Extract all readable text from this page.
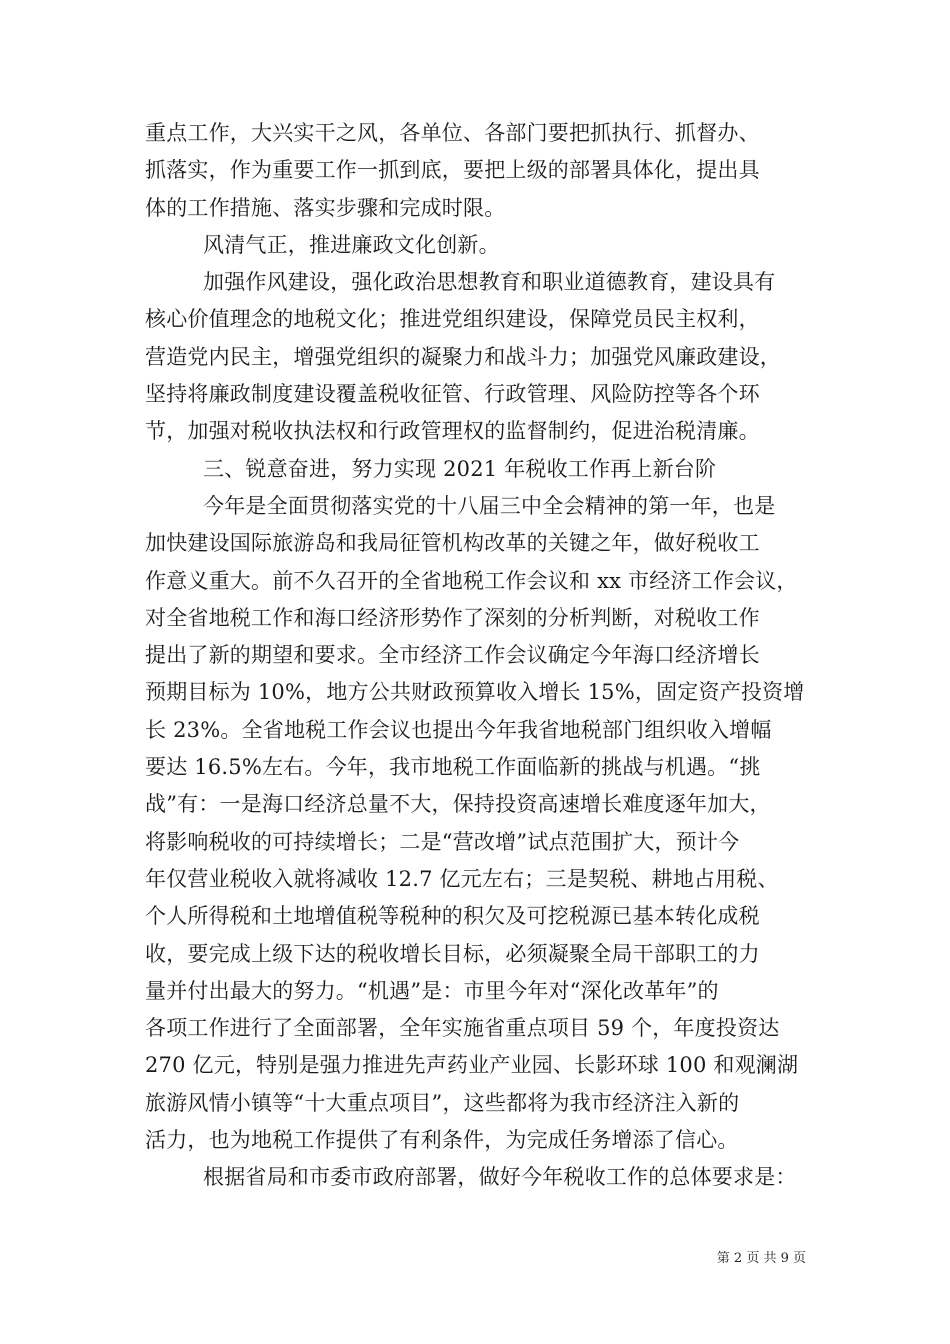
重点工作，大兴实干之风，各单位、各部门要把抓执行、抓督办、
抓落实，作为重要工作一抓到底，要把上级的部署具体化，提出具
体的工作措施、落实步骤和完成时限。
风清气正，推进廉政文化创新。
加强作风建设，强化政治思想教育和职业道德教育，建设具有
核心价值理念的地税文化；推进党组织建设，保障党员民主权利，
营造党内民主，增强党组织的凝聚力和战斗力；加强党风廉政建设，
坚持将廉政制度建设覆盖税收征管、行政管理、风险防控等各个环
节，加强对税收执法权和行政管理权的监督制约，促进治税清廉。
三、锐意奋进，努力实现 2021 年税收工作再上新台阶
今年是全面贯彻落实党的十八届三中全会精神的第一年，也是
加快建设国际旅游岛和我局征管机构改革的关键之年，做好税收工
作意义重大。前不久召开的全省地税工作会议和 xx 市经济工作会议，
对全省地税工作和海口经济形势作了深刻的分析判断，对税收工作
提出了新的期望和要求。全市经济工作会议确定今年海口经济增长
预期目标为 10%，地方公共财政预算收入增长 15%，固定资产投资增
长 23%。全省地税工作会议也提出今年我省地税部门组织收入增幅
要达 16.5%左右。今年，我市地税工作面临新的挑战与机遇。“挑
战”有：一是海口经济总量不大，保持投资高速增长难度逐年加大，
将影响税收的可持续增长；二是“营改增”试点范围扩大，预计今
年仅营业税收入就将减收 12.7 亿元左右；三是契税、耕地占用税、
个人所得税和土地增值税等税种的积欠及可挖税源已基本转化成税
收，要完成上级下达的税收增长目标，必须凝聚全局干部职工的力
量并付出最大的努力。“机遇”是：市里今年对“深化改革年”的
各项工作进行了全面部署，全年实施省重点项目 59 个，年度投资达
270 亿元，特别是强力推进先声药业产业园、长影环球 100 和观澜湖
旅游风情小镇等“十大重点项目”，这些都将为我市经济注入新的
活力，也为地税工作提供了有利条件，为完成任务增添了信心。
根据省局和市委市政府部署，做好今年税收工作的总体要求是：
第 2 页 共 9 页
